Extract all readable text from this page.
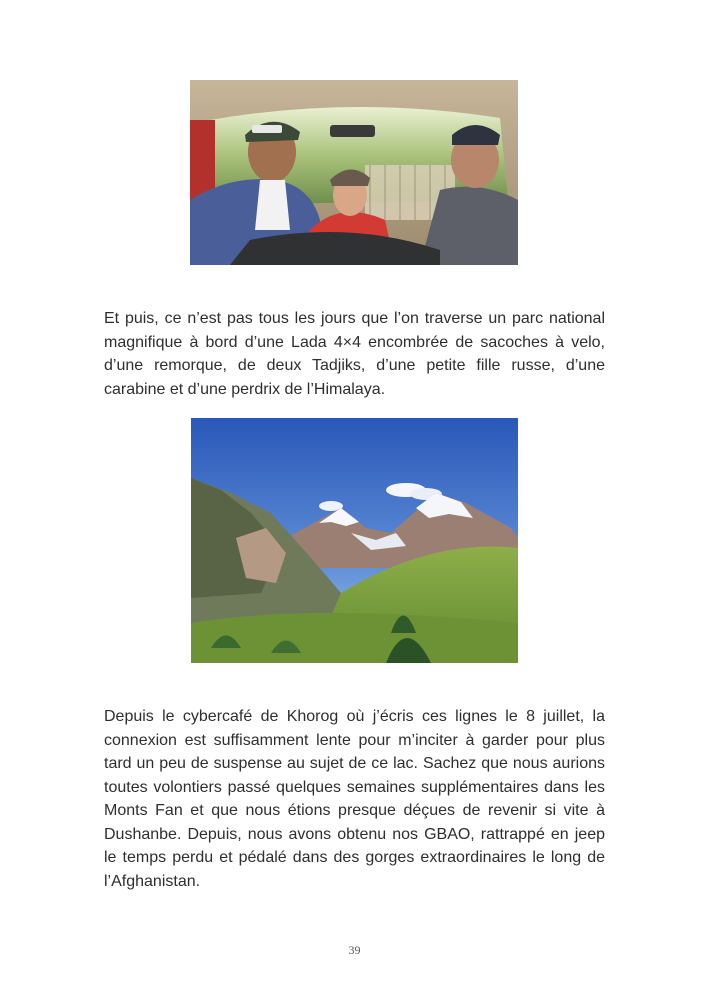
Et puis, ce n’est pas tous les jours que l’on traverse un parc national magnifique à bord d’une Lada 4×4 encombrée de sacoches à velo, d’une remorque, de deux Tadjiks, d’une petite fille russe, d’une carabine et d’une perdrix de l’Himalaya.

Depuis le cybercafé de Khorog où j’écris ces lignes le 8 juillet, la connexion est suffisamment lente pour m’inciter à garder pour plus tard un peu de suspense au sujet de ce lac. Sachez que nous aurions toutes volontiers passé quelques semaines supplémentaires dans les Monts Fan et que nous étions presque déçues de revenir si vite à Dushanbe. Depuis, nous avons obtenu nos GBAO, rattrappé en jeep le temps perdu et pédalé dans des gorges extraordinaires le long de l’Afghanistan.

39
